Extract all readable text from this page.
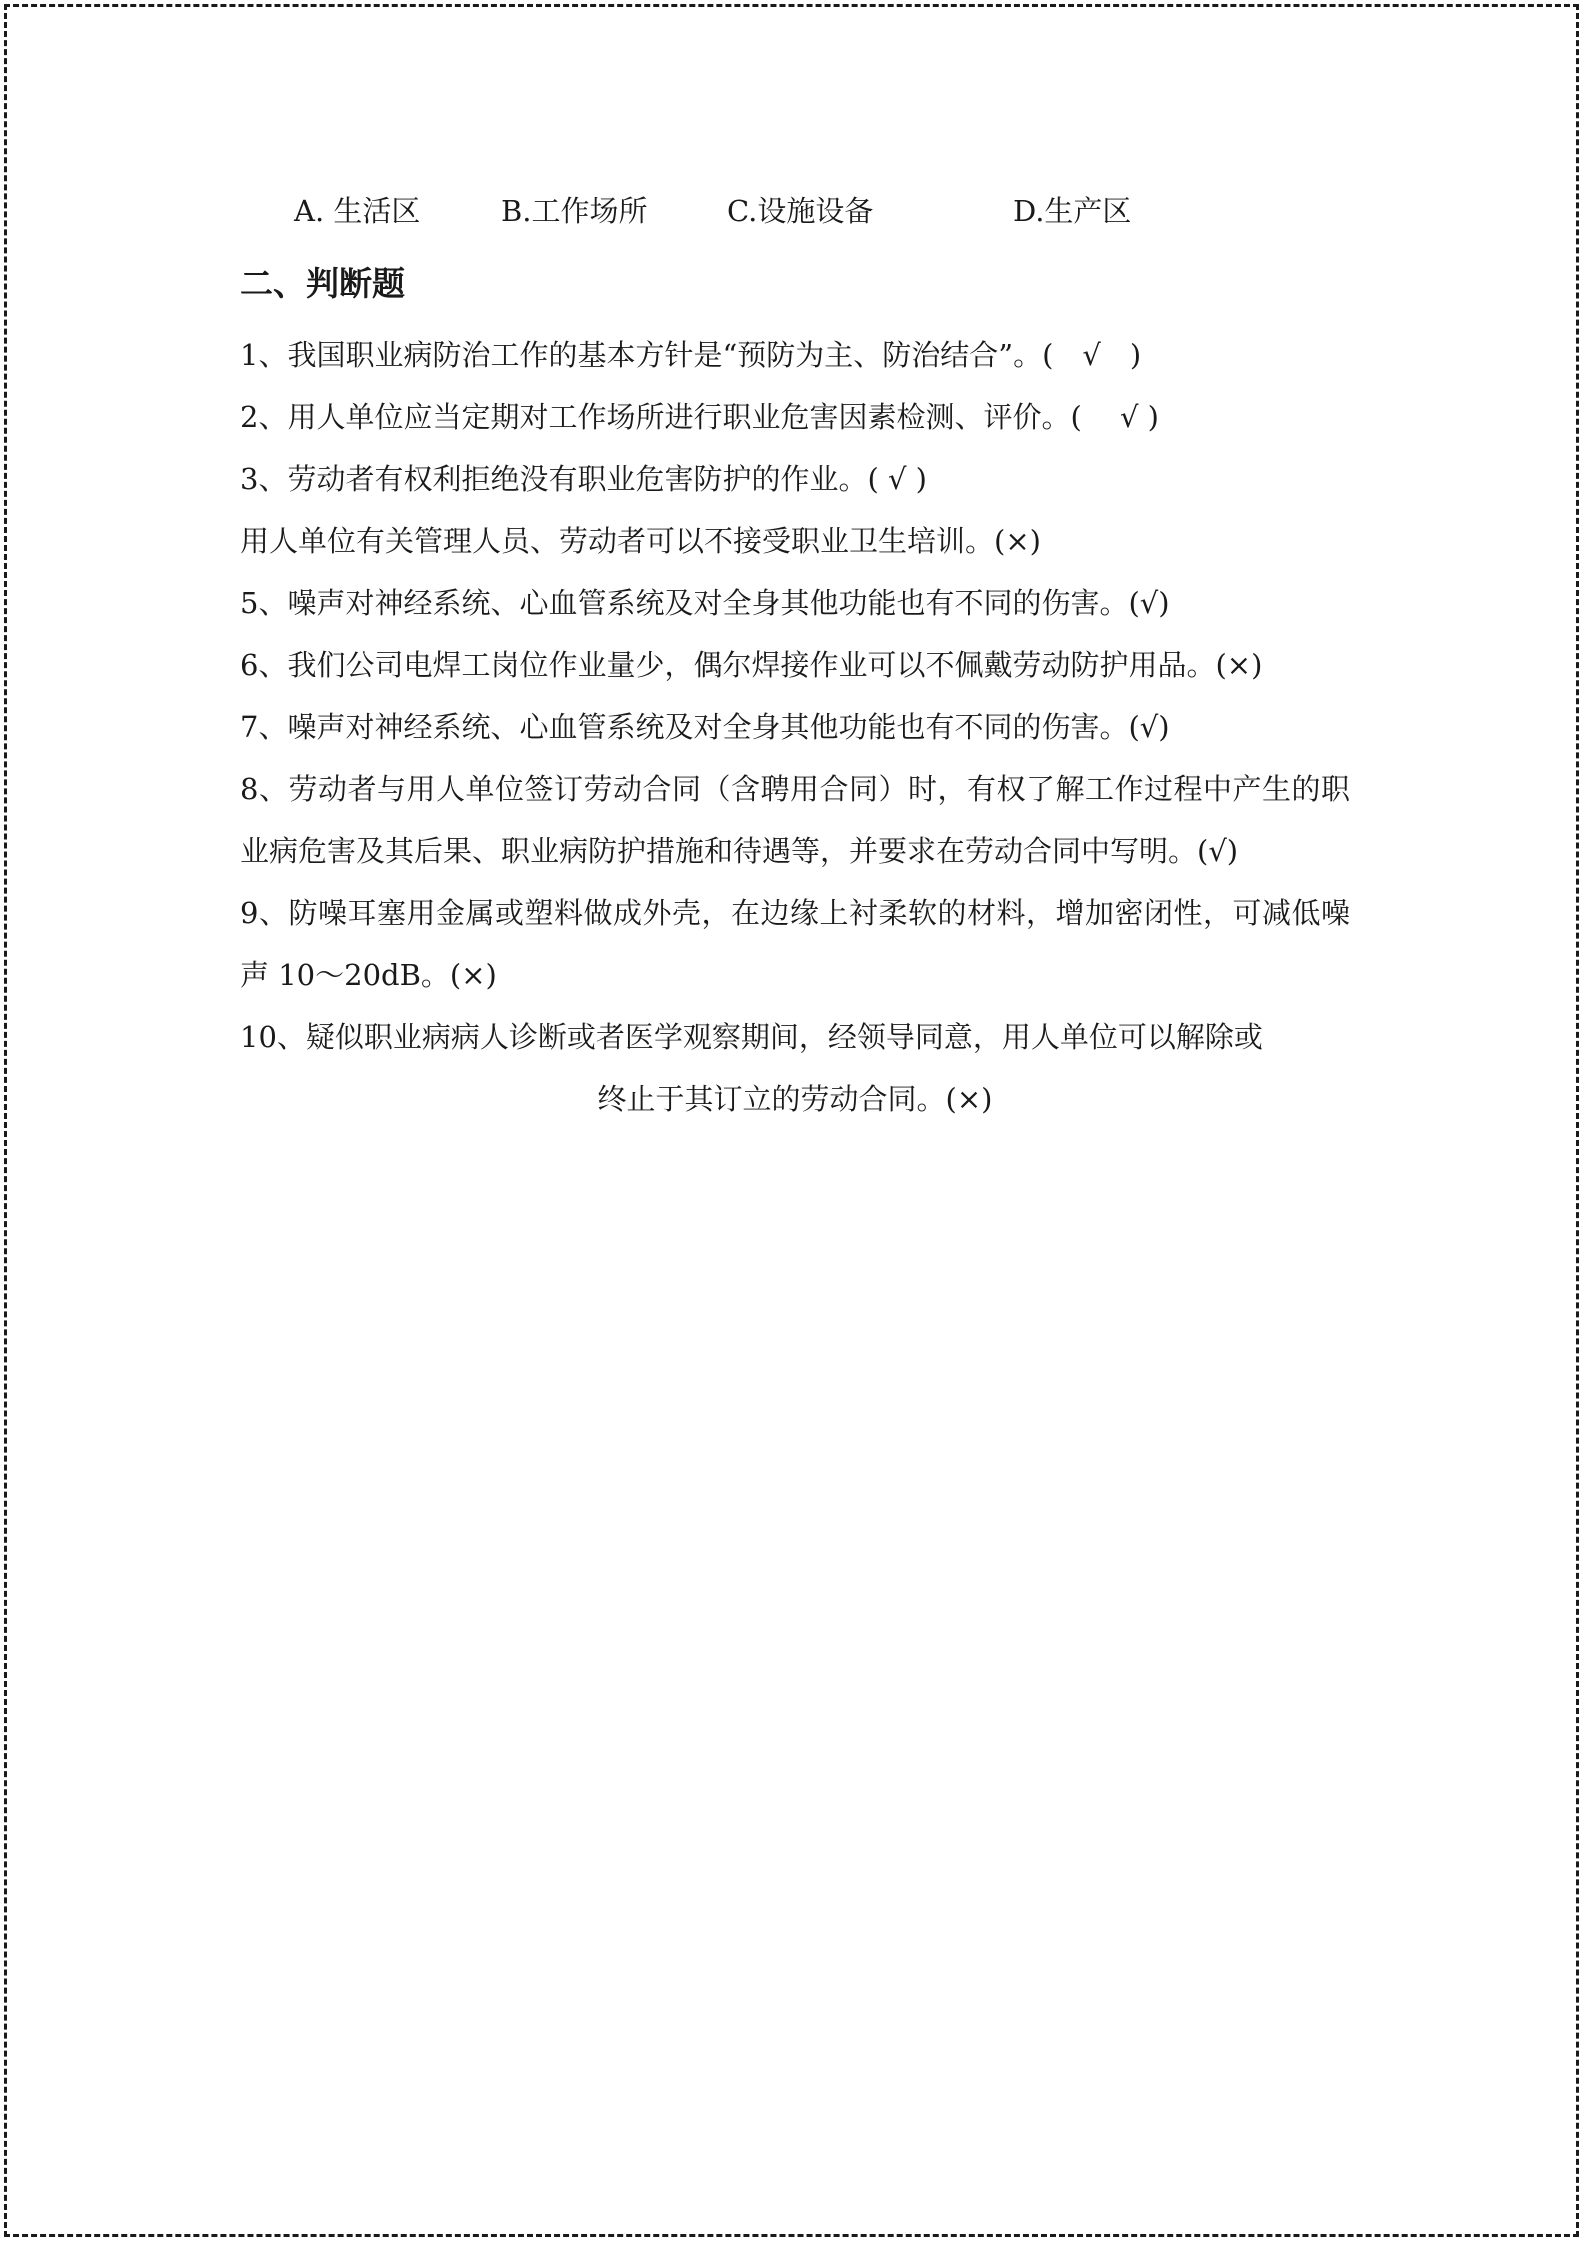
A. 生活区	B.工作场所	C.设施设备	D.生产区
二、判断题
1、我国职业病防治工作的基本方针是“预防为主、防治结合”。( √ )
2、用人单位应当定期对工作场所进行职业危害因素检测、评价。(  √ )
3、劳动者有权利拒绝没有职业危害防护的作业。( √ )
用人单位有关管理人员、劳动者可以不接受职业卫生培训。(×)
5、噪声对神经系统、心血管系统及对全身其他功能也有不同的伤害。(√)
6、我们公司电焊工岗位作业量少，偶尔焊接作业可以不佩戴劳动防护用品。(×)
7、噪声对神经系统、心血管系统及对全身其他功能也有不同的伤害。(√)
8、劳动者与用人单位签订劳动合同（含聘用合同）时，有权了解工作过程中产生的职业病危害及其后果、职业病防护措施和待遇等，并要求在劳动合同中写明。(√)
9、防噪耳塞用金属或塑料做成外壳，在边缘上衬柔软的材料，增加密闭性，可减低噪声 10～20dB。(×)
10、疑似职业病病人诊断或者医学观察期间，经领导同意，用人单位可以解除或
终止于其订立的劳动合同。(×)
